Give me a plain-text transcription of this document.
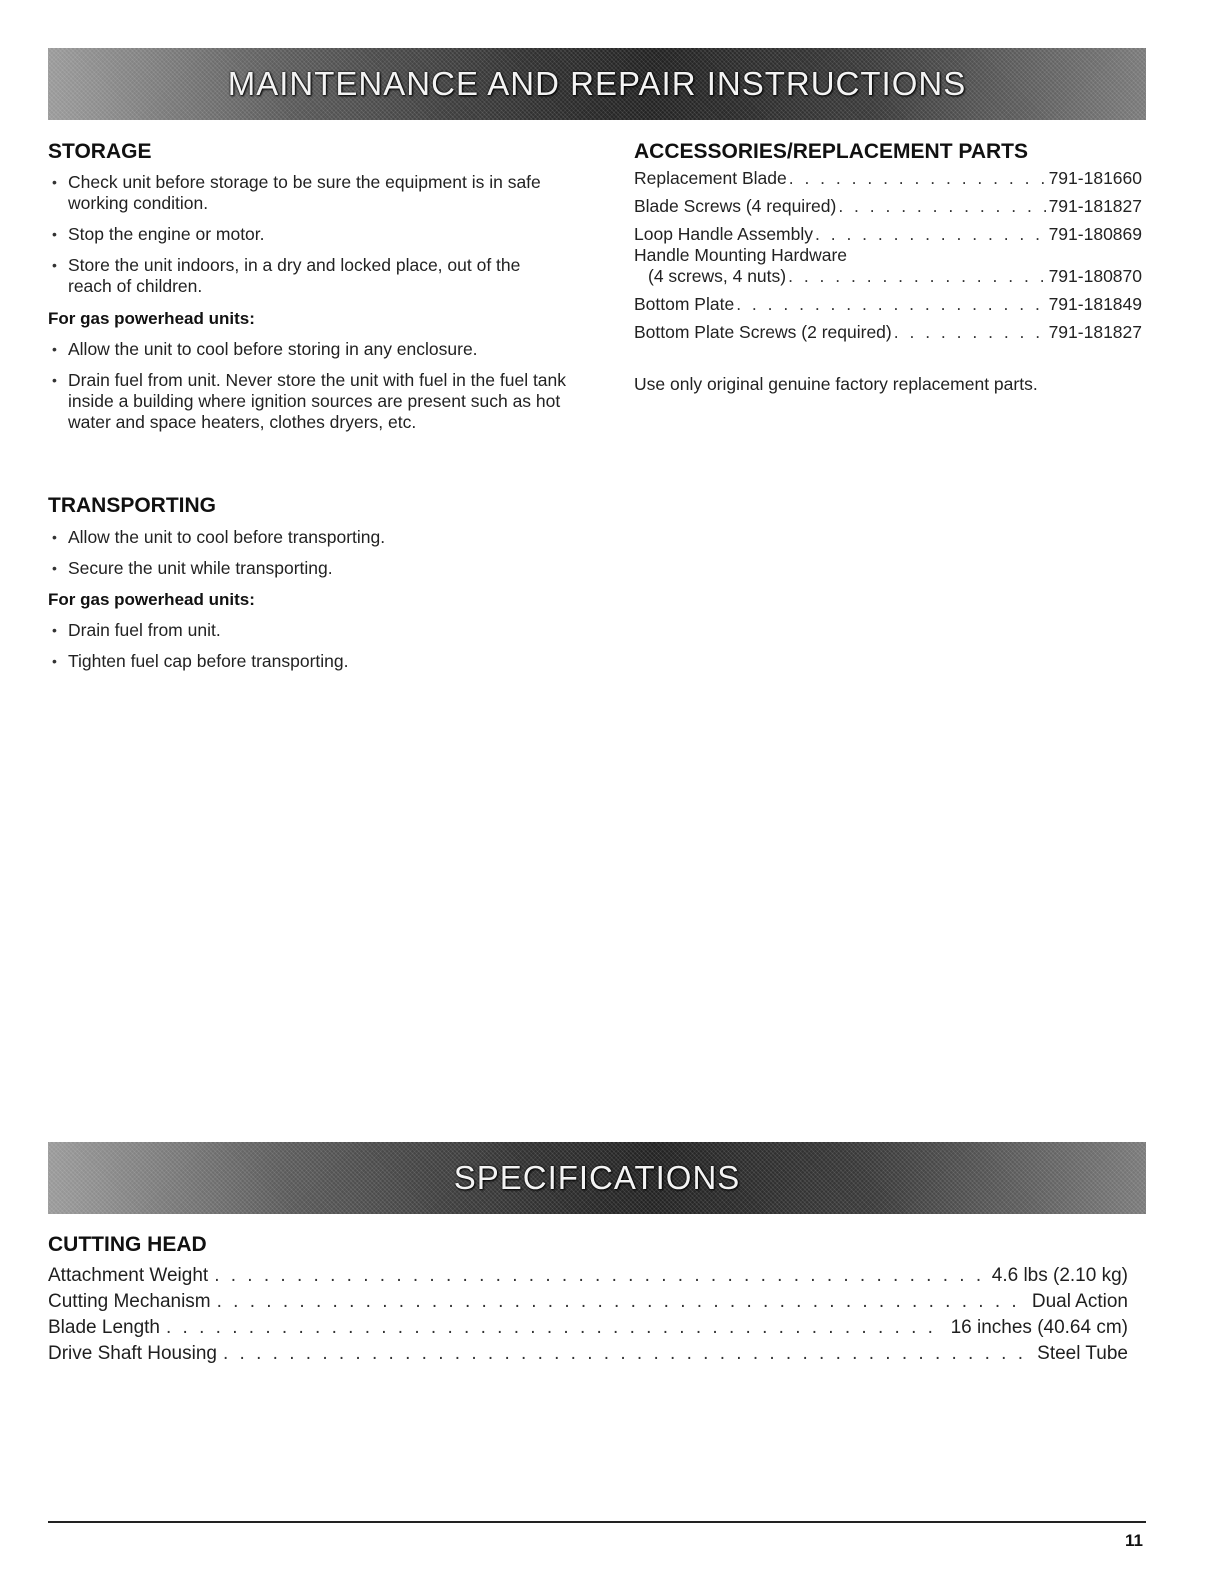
MAINTENANCE AND REPAIR INSTRUCTIONS
STORAGE
• Check unit before storage to be sure the equipment is in safe working condition.
• Stop the engine or motor.
• Store the unit indoors, in a dry and locked place, out of the reach of children.

For gas powerhead units:

• Allow the unit to cool before storing in any enclosure.
• Drain fuel from unit. Never store the unit with fuel in the fuel tank inside a building where ignition sources are present such as hot water and space heaters, clothes dryers, etc.
TRANSPORTING
• Allow the unit to cool before transporting.
• Secure the unit while transporting.

For gas powerhead units:

• Drain fuel from unit.
• Tighten fuel cap before transporting.
ACCESSORIES/REPLACEMENT PARTS
Replacement Blade . . .	791-181660
Blade Screws (4 required) . . .	791-181827
Loop Handle Assembly . . .	791-180869
Handle Mounting Hardware
(4 screws, 4 nuts) . . .	791-180870
Bottom Plate . . .	791-181849
Bottom Plate Screws (2 required) . . .	791-181827

Use only original genuine factory replacement parts.

SPECIFICATIONS
CUTTING HEAD
Attachment Weight . . .	4.6 lbs (2.10 kg)
Cutting Mechanism . . .	Dual Action
Blade Length . . .	16 inches (40.64 cm)
Drive Shaft Housing . . .	Steel Tube
11
